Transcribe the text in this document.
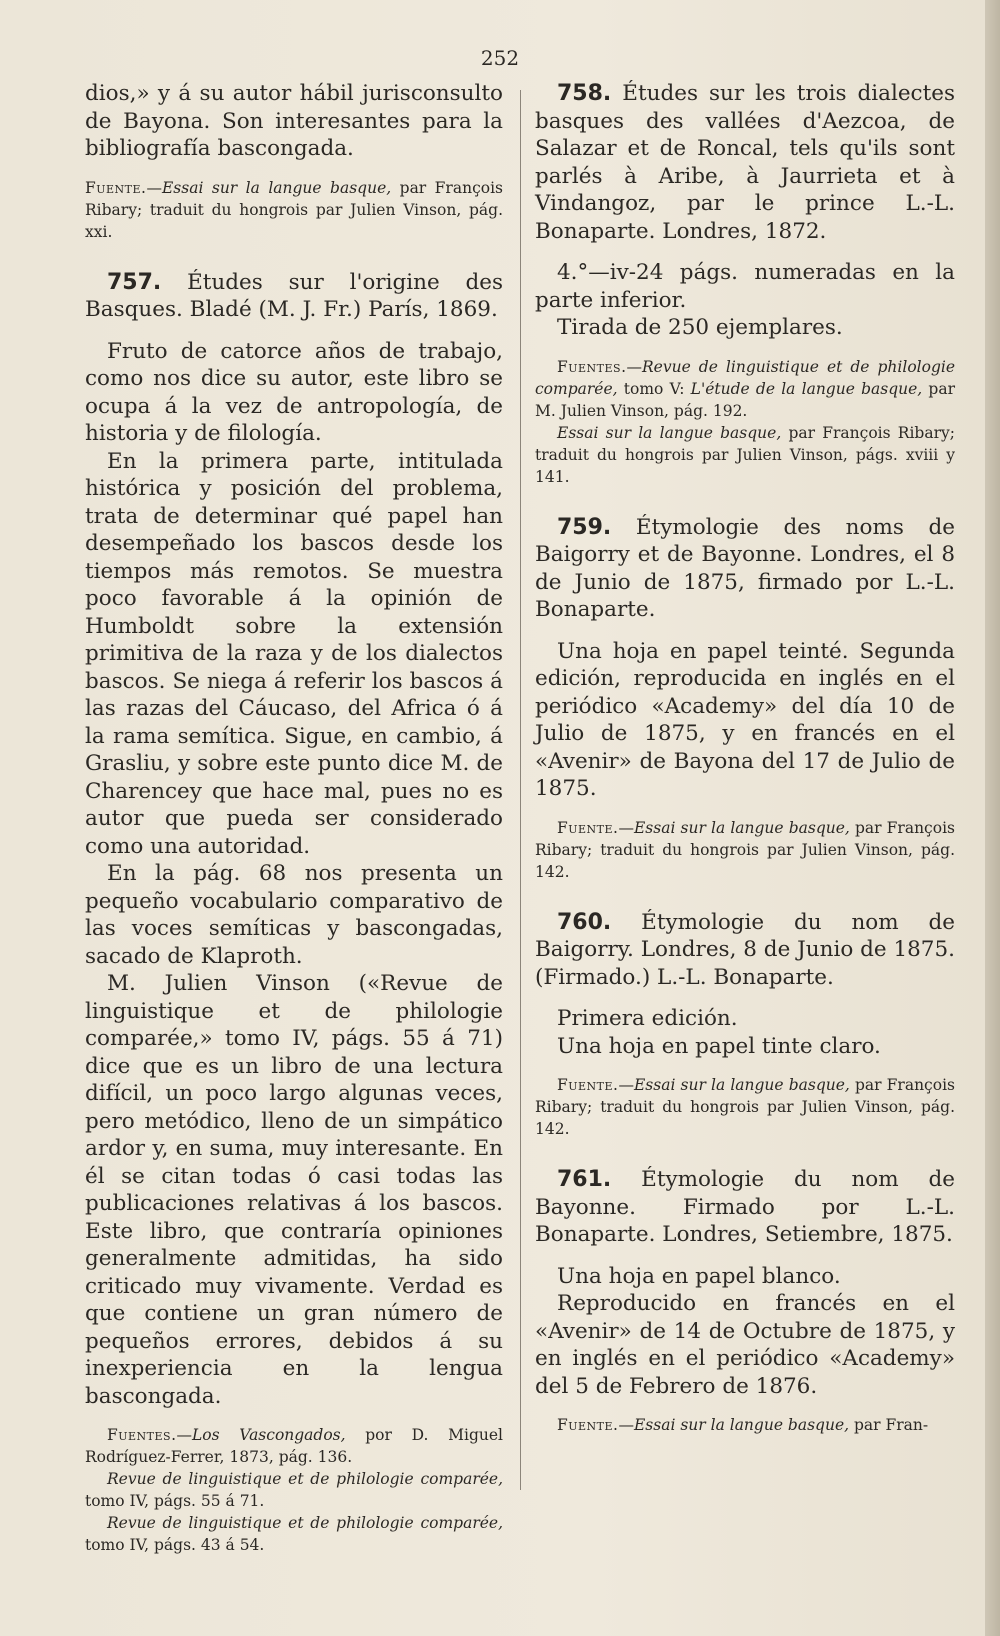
252

dios,» y á su autor hábil jurisconsulto de Bayona. Son interesantes para la bibliografía bascongada.

Fuente.—Essai sur la langue basque, par François Ribary; traduit du hongrois par Julien Vinson, pág. xxi.

757. Études sur l'origine des Basques. Bladé (M. J. Fr.) París, 1869.

Fruto de catorce años de trabajo, como nos dice su autor, este libro se ocupa á la vez de antropología, de historia y de filología.

En la primera parte, intitulada histórica y posición del problema, trata de determinar qué papel han desempeñado los bascos desde los tiempos más remotos. Se muestra poco favorable á la opinión de Humboldt sobre la extensión primitiva de la raza y de los dialectos bascos. Se niega á referir los bascos á las razas del Cáucaso, del Africa ó á la rama semítica. Sigue, en cambio, á Grasliu, y sobre este punto dice M. de Charencey que hace mal, pues no es autor que pueda ser considerado como una autoridad.

En la pág. 68 nos presenta un pequeño vocabulario comparativo de las voces semíticas y bascongadas, sacado de Klaproth.

M. Julien Vinson («Revue de linguistique et de philologie comparée,» tomo IV, págs. 55 á 71) dice que es un libro de una lectura difícil, un poco largo algunas veces, pero metódico, lleno de un simpático ardor y, en suma, muy interesante. En él se citan todas ó casi todas las publicaciones relativas á los bascos. Este libro, que contraría opiniones generalmente admitidas, ha sido criticado muy vivamente. Verdad es que contiene un gran número de pequeños errores, debidos á su inexperiencia en la lengua bascongada.

Fuentes.—Los Vascongados, por D. Miguel Rodríguez-Ferrer, 1873, pág. 136.

Revue de linguistique et de philologie comparée, tomo IV, págs. 55 á 71.

Revue de linguistique et de philologie comparée, tomo IV, págs. 43 á 54.

758. Études sur les trois dialectes basques des vallées d'Aezcoa, de Salazar et de Roncal, tels qu'ils sont parlés à Aribe, à Jaurrieta et à Vindangoz, par le prince L.-L. Bonaparte. Londres, 1872.

4.°—iv-24 págs. numeradas en la parte inferior.

Tirada de 250 ejemplares.

Fuentes.—Revue de linguistique et de philologie comparée, tomo V: L'étude de la langue basque, par M. Julien Vinson, pág. 192.

Essai sur la langue basque, par François Ribary; traduit du hongrois par Julien Vinson, págs. xviii y 141.

759. Étymologie des noms de Baigorry et de Bayonne. Londres, el 8 de Junio de 1875, firmado por L.-L. Bonaparte.

Una hoja en papel teinté. Segunda edición, reproducida en inglés en el periódico «Academy» del día 10 de Julio de 1875, y en francés en el «Avenir» de Bayona del 17 de Julio de 1875.

Fuente.—Essai sur la langue basque, par François Ribary; traduit du hongrois par Julien Vinson, pág. 142.

760. Étymologie du nom de Baigorry. Londres, 8 de Junio de 1875. (Firmado.) L.-L. Bonaparte.

Primera edición.

Una hoja en papel tinte claro.

Fuente.—Essai sur la langue basque, par François Ribary; traduit du hongrois par Julien Vinson, pág. 142.

761. Étymologie du nom de Bayonne. Firmado por L.-L. Bonaparte. Londres, Setiembre, 1875.

Una hoja en papel blanco.

Reproducido en francés en el «Avenir» de 14 de Octubre de 1875, y en inglés en el periódico «Academy» del 5 de Febrero de 1876.

Fuente.—Essai sur la langue basque, par Fran-
